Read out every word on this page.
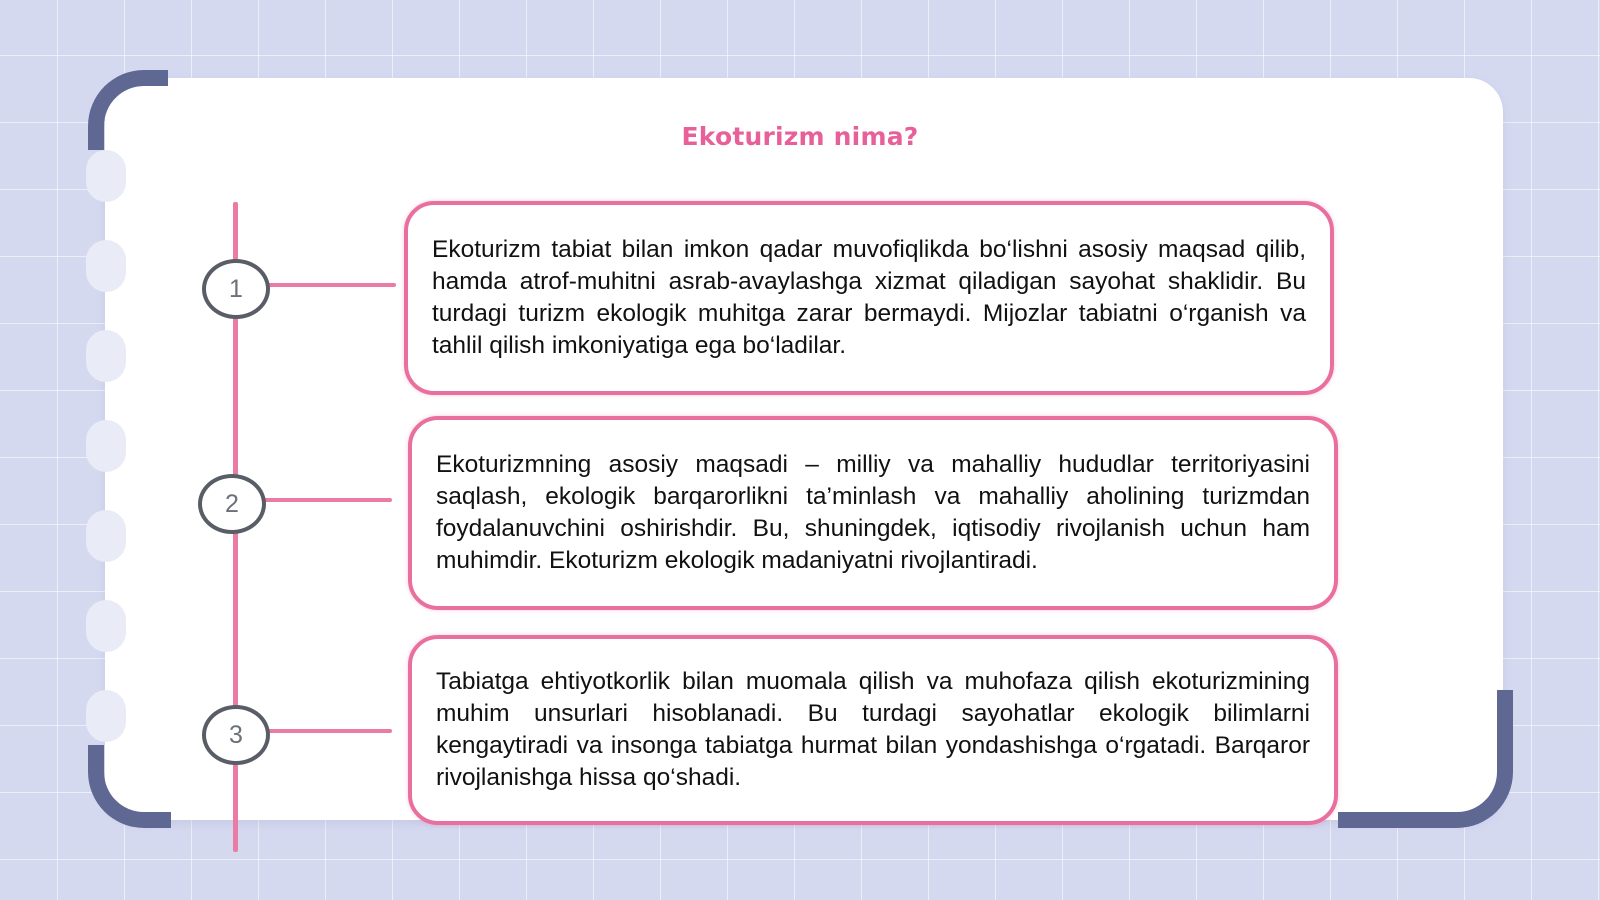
Ekoturizm nima?
1
2
3

Ekoturizm tabiat bilan imkon qadar muvofiqlikda bo‘lishni asosiy maqsad qilib, hamda atrof-muhitni asrab-avaylashga xizmat qiladigan sayohat shaklidir. Bu turdagi turizm ekologik muhitga zarar bermaydi. Mijozlar tabiatni o‘rganish va tahlil qilish imkoniyatiga ega bo‘ladilar.

Ekoturizmning asosiy maqsadi – milliy va mahalliy hududlar territoriyasini saqlash, ekologik barqarorlikni ta’minlash va mahalliy aholining turizmdan foydalanuvchini oshirishdir. Bu, shuningdek, iqtisodiy rivojlanish uchun ham muhimdir. Ekoturizm ekologik madaniyatni rivojlantiradi.

Tabiatga ehtiyotkorlik bilan muomala qilish va muhofaza qilish ekoturizmining muhim unsurlari hisoblanadi. Bu turdagi sayohatlar ekologik bilimlarni kengaytiradi va insonga tabiatga hurmat bilan yondashishga o‘rgatadi. Barqaror rivojlanishga hissa qo‘shadi.
